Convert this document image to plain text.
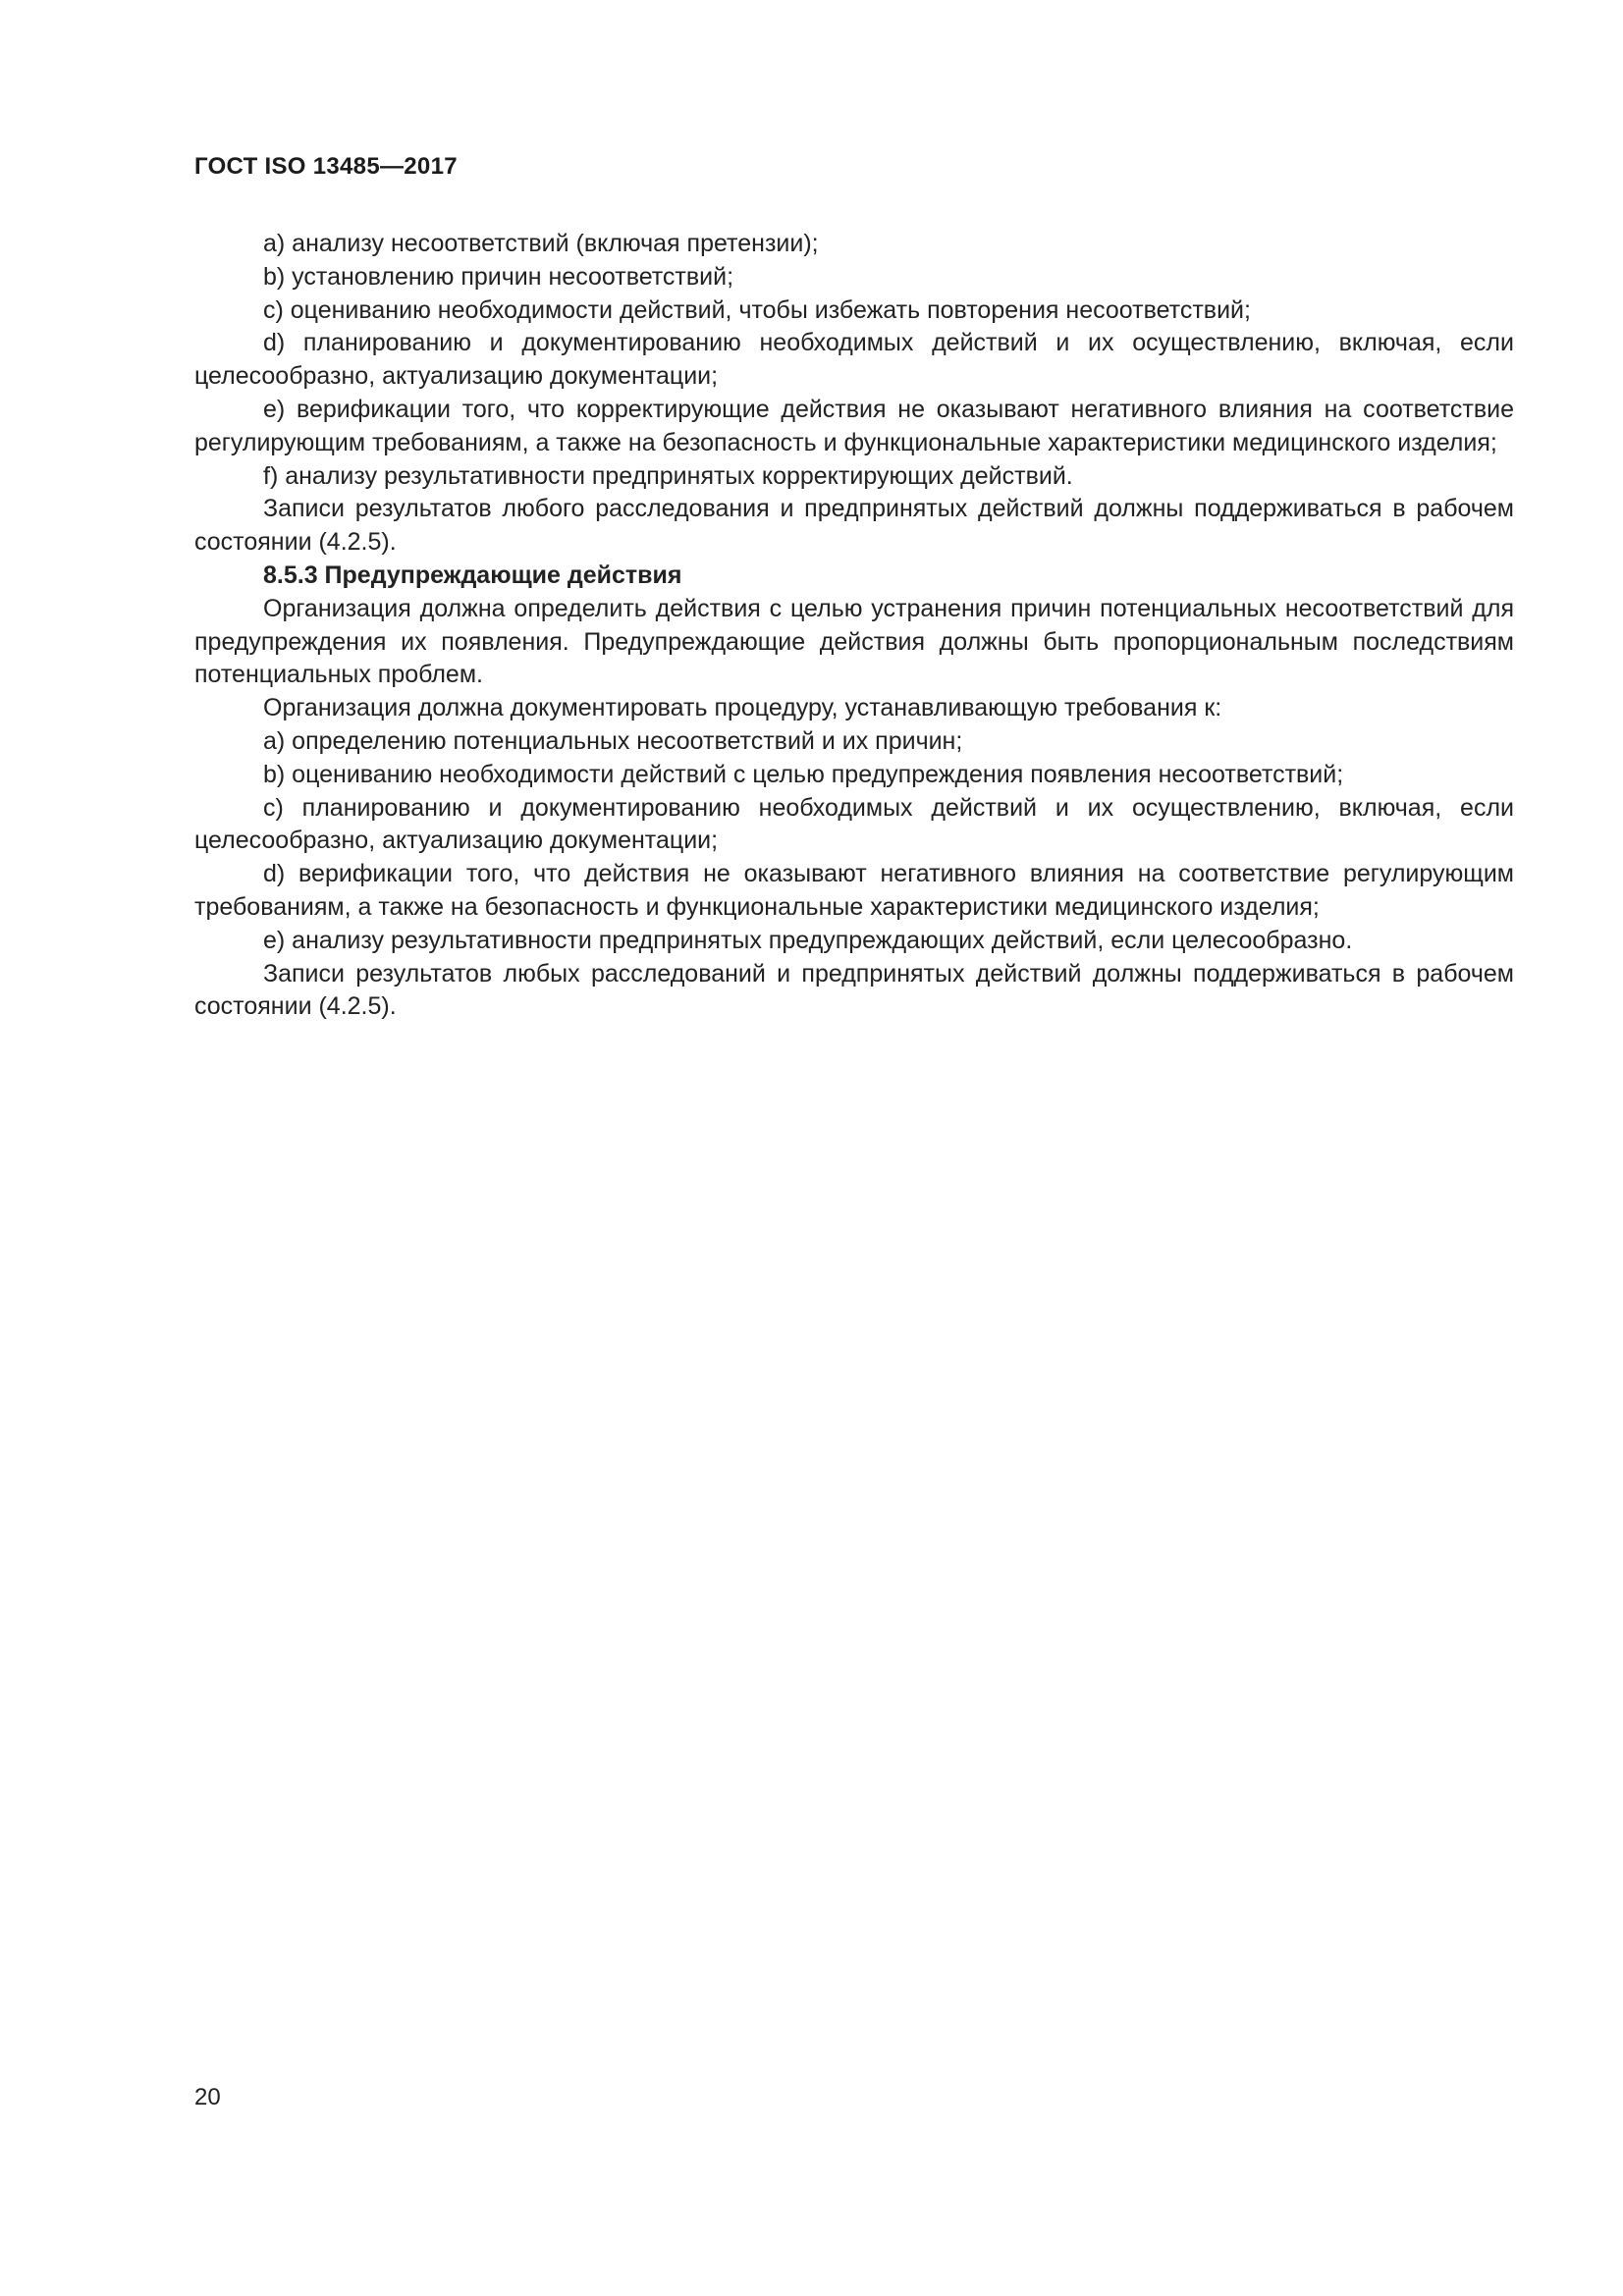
ГОСТ ISO 13485—2017

a) анализу несоответствий (включая претензии);

b) установлению причин несоответствий;

c) оцениванию необходимости действий, чтобы избежать повторения несоответствий;

d) планированию и документированию необходимых действий и их осуществлению, включая, если целесообразно, актуализацию документации;

e) верификации того, что корректирующие действия не оказывают негативного влияния на соответствие регулирующим требованиям, а также на безопасность и функциональные характеристики медицинского изделия;

f) анализу результативности предпринятых корректирующих действий.

Записи результатов любого расследования и предпринятых действий должны поддерживаться в рабочем состоянии (4.2.5).

8.5.3 Предупреждающие действия

Организация должна определить действия с целью устранения причин потенциальных несоответствий для предупреждения их появления. Предупреждающие действия должны быть пропорциональным последствиям потенциальных проблем.

Организация должна документировать процедуру, устанавливающую требования к:

a) определению потенциальных несоответствий и их причин;

b) оцениванию необходимости действий с целью предупреждения появления несоответствий;

c) планированию и документированию необходимых действий и их осуществлению, включая, если целесообразно, актуализацию документации;

d) верификации того, что действия не оказывают негативного влияния на соответствие регулирующим требованиям, а также на безопасность и функциональные характеристики медицинского изделия;

e) анализу результативности предпринятых предупреждающих действий, если целесообразно.

Записи результатов любых расследований и предпринятых действий должны поддерживаться в рабочем состоянии (4.2.5).

20
